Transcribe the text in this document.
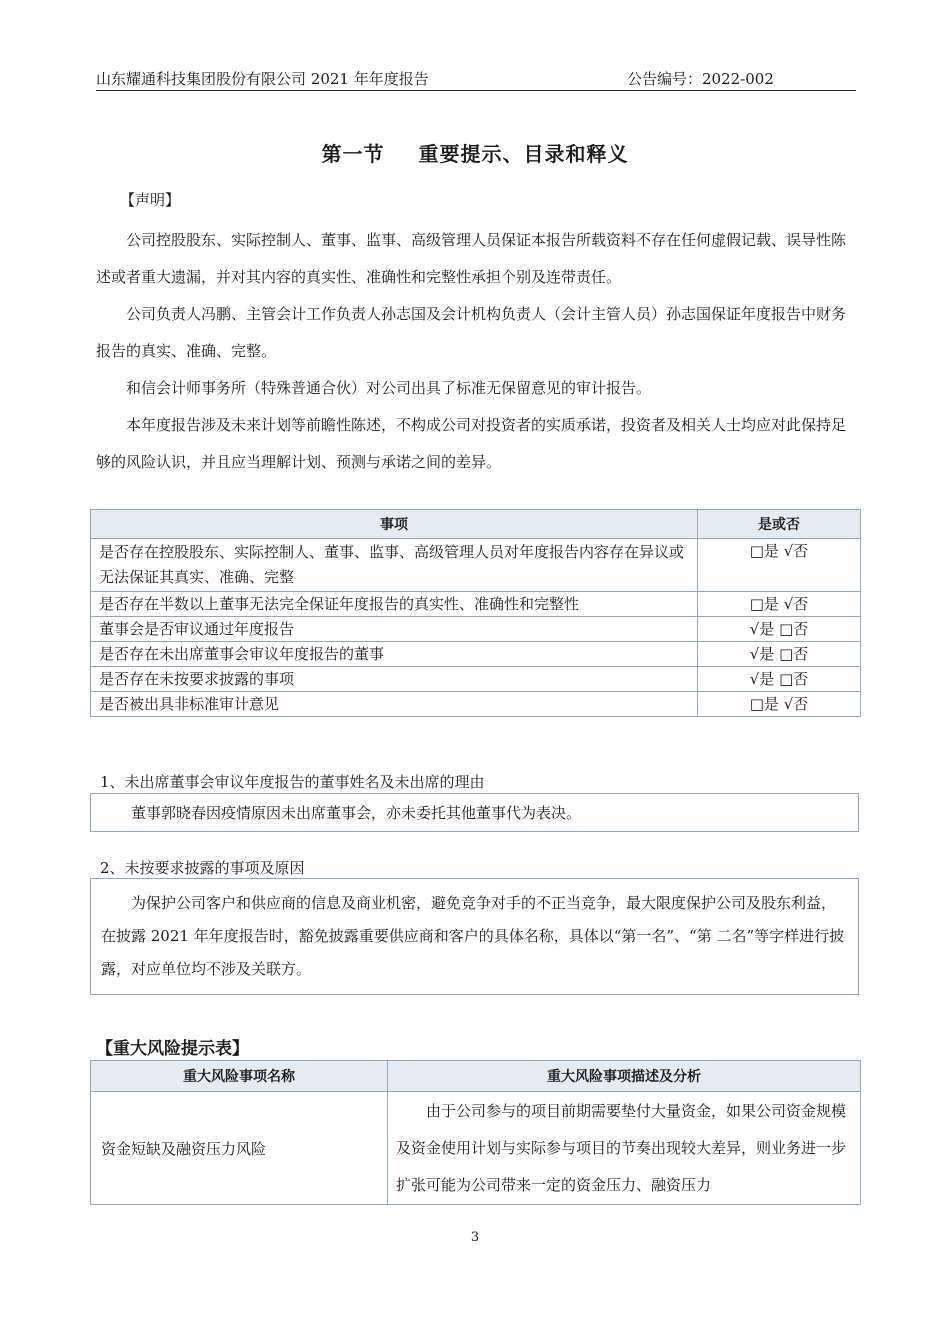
山东耀通科技集团股份有限公司 2021 年年度报告	公告编号：2022-002
第一节 重要提示、目录和释义
【声明】

公司控股股东、实际控制人、董事、监事、高级管理人员保证本报告所载资料不存在任何虚假记载、误导性陈述或者重大遗漏，并对其内容的真实性、准确性和完整性承担个别及连带责任。

公司负责人冯鹏、主管会计工作负责人孙志国及会计机构负责人（会计主管人员）孙志国保证年度报告中财务报告的真实、准确、完整。

和信会计师事务所（特殊普通合伙）对公司出具了标准无保留意见的审计报告。

本年度报告涉及未来计划等前瞻性陈述，不构成公司对投资者的实质承诺，投资者及相关人士均应对此保持足够的风险认识，并且应当理解计划、预测与承诺之间的差异。

事项	是或否
是否存在控股股东、实际控制人、董事、监事、高级管理人员对年度报告内容存在异议或无法保证其真实、准确、完整	□是 √否
是否存在半数以上董事无法完全保证年度报告的真实性、准确性和完整性	□是 √否
董事会是否审议通过年度报告	√是 □否
是否存在未出席董事会审议年度报告的董事	√是 □否
是否存在未按要求披露的事项	√是 □否
是否被出具非标准审计意见	□是 √否
1、未出席董事会审议年度报告的董事姓名及未出席的理由

董事郭晓春因疫情原因未出席董事会，亦未委托其他董事代为表决。

2、未按要求披露的事项及原因

为保护公司客户和供应商的信息及商业机密，避免竞争对手的不正当竞争，最大限度保护公司及股东利益，在披露 2021 年年度报告时，豁免披露重要供应商和客户的具体名称，具体以“第一名”、“第 二名”等字样进行披露，对应单位均不涉及关联方。

【重大风险提示表】
重大风险事项名称	重大风险事项描述及分析
资金短缺及融资压力风险	由于公司参与的项目前期需要垫付大量资金，如果公司资金规模及资金使用计划与实际参与项目的节奏出现较大差异，则业务进一步扩张可能为公司带来一定的资金压力、融资压力

3
